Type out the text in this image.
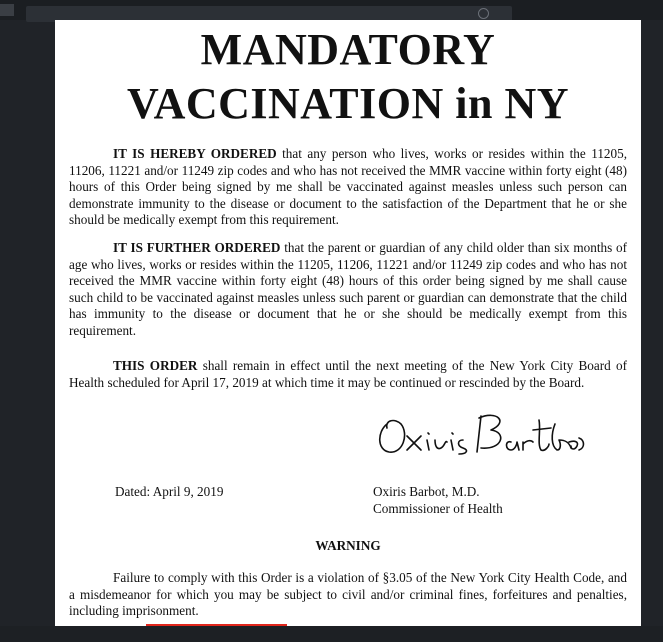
MANDATORY
VACCINATION in NY

IT IS HEREBY ORDERED that any person who lives, works or resides within the 11205, 11206, 11221 and/or 11249 zip codes and who has not received the MMR vaccine within forty eight (48) hours of this Order being signed by me shall be vaccinated against measles unless such person can demonstrate immunity to the disease or document to the satisfaction of the Department that he or she should be medically exempt from this requirement.

IT IS FURTHER ORDERED that the parent or guardian of any child older than six months of age who lives, works or resides within the 11205, 11206, 11221 and/or 11249 zip codes and who has not received the MMR vaccine within forty eight (48) hours of this order being signed by me shall cause such child to be vaccinated against measles unless such parent or guardian can demonstrate that the child has immunity to the disease or document that he or she should be medically exempt from this requirement.

THIS ORDER shall remain in effect until the next meeting of the New York City Board of Health scheduled for April 17, 2019 at which time it may be continued or rescinded by the Board.

Dated: April 9, 2019	Oxiris Barbot, M.D.
Commissioner of Health
WARNING

Failure to comply with this Order is a violation of §3.05 of the New York City Health Code, and a misdemeanor for which you may be subject to civil and/or criminal fines, forfeitures and penalties, including imprisonment.
